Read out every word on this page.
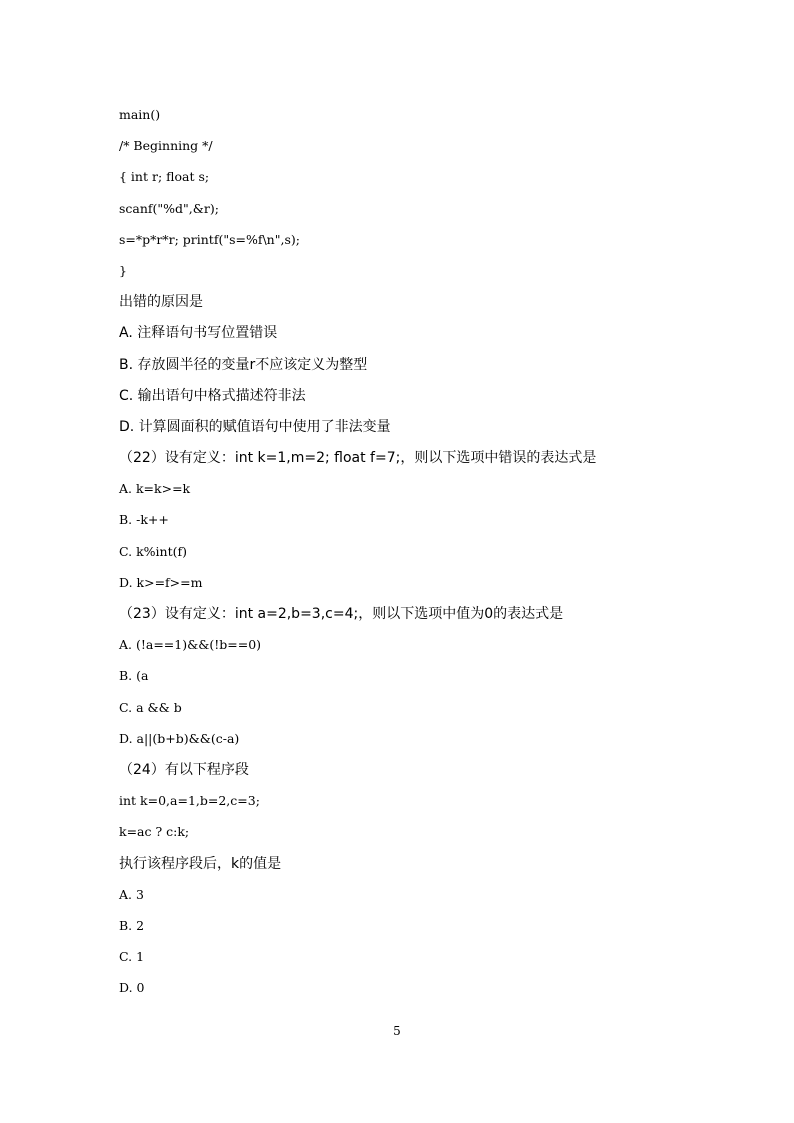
main()
/* Beginning */
{ int r; float s;
scanf("%d",&r);
s=*p*r*r; printf("s=%f\n",s);
}
出错的原因是
A. 注释语句书写位置错误
B. 存放圆半径的变量r不应该定义为整型
C. 输出语句中格式描述符非法
D. 计算圆面积的赋值语句中使用了非法变量
（22）设有定义：int k=1,m=2; float f=7;，则以下选项中错误的表达式是
A. k=k>=k
B. -k++
C. k%int(f)
D. k>=f>=m
（23）设有定义：int a=2,b=3,c=4;，则以下选项中值为0的表达式是
A. (!a==1)&&(!b==0)
B. (a
C. a && b
D. a||(b+b)&&(c-a)
（24）有以下程序段
int k=0,a=1,b=2,c=3;
k=ac ? c:k;
执行该程序段后，k的值是
A. 3
B. 2
C. 1
D. 0
5
